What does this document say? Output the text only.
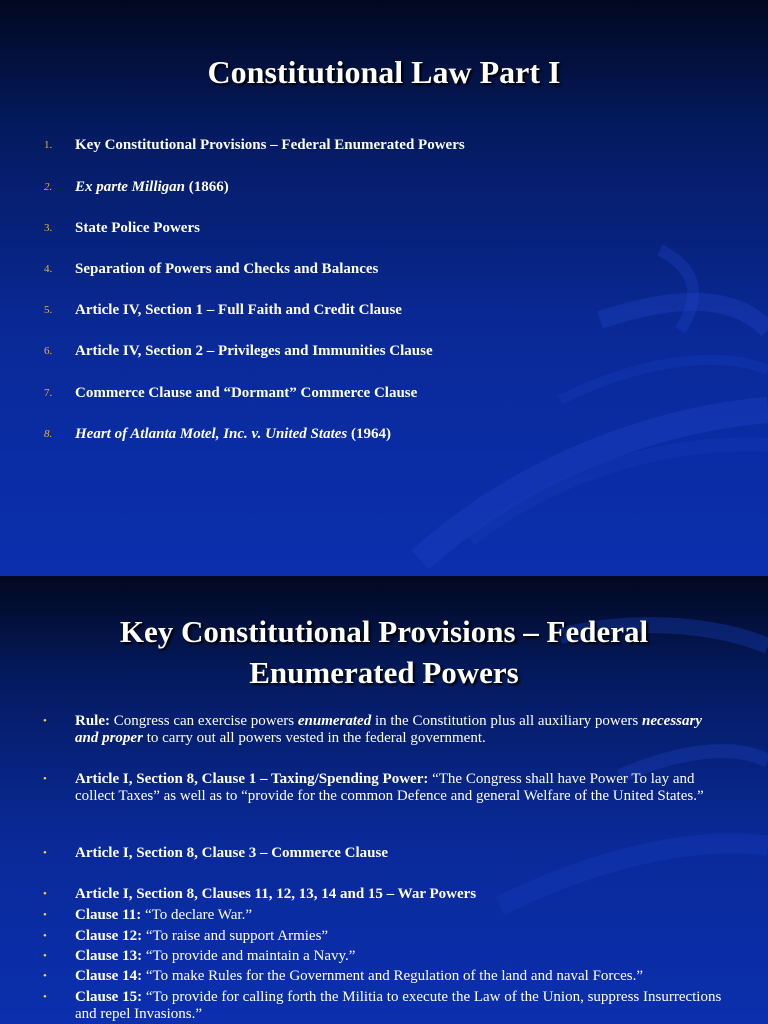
Constitutional Law Part I
1.	Key Constitutional Provisions – Federal Enumerated Powers
2.	Ex parte Milligan (1866)
3.	State Police Powers
4.	Separation of Powers and Checks and Balances
5.	Article IV, Section 1 – Full Faith and Credit Clause
6.	Article IV, Section 2 – Privileges and Immunities Clause
7.	Commerce Clause and “Dormant” Commerce Clause
8.	Heart of Atlanta Motel, Inc. v. United States (1964)
Key Constitutional Provisions – Federal
Enumerated Powers
• Rule: Congress can exercise powers enumerated in the Constitution plus all auxiliary powers necessary and proper to carry out all powers vested in the federal government.
• Article I, Section 8, Clause 1 – Taxing/Spending Power: “The Congress shall have Power To lay and collect Taxes” as well as to “provide for the common Defence and general Welfare of the United States.”
• Article I, Section 8, Clause 3 – Commerce Clause
• Article I, Section 8, Clauses 11, 12, 13, 14 and 15 – War Powers
• Clause 11: “To declare War.”
• Clause 12: “To raise and support Armies”
• Clause 13: “To provide and maintain a Navy.”
• Clause 14: “To make Rules for the Government and Regulation of the land and naval Forces.”
• Clause 15: “To provide for calling forth the Militia to execute the Law of the Union, suppress Insurrections and repel Invasions.”
